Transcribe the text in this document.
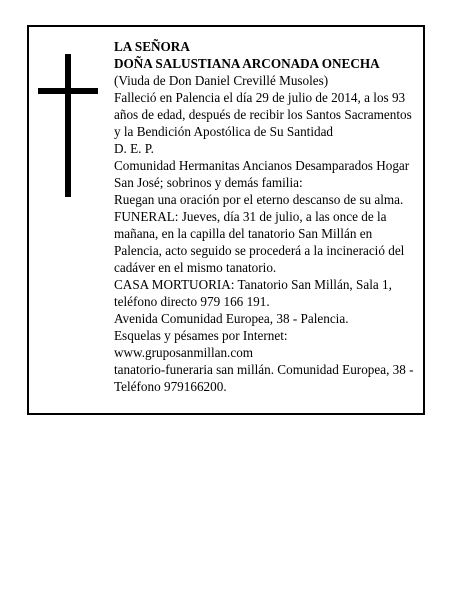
LA SEÑORA

DOÑA SALUSTIANA ARCONADA ONECHA

(Viuda de Don Daniel Crevillé Musoles)

Falleció en Palencia el día 29 de julio de 2014, a los 93 años de edad, después de recibir los Santos Sacramentos y la Bendición Apostólica de Su Santidad

D. E. P.

Comunidad Hermanitas Ancianos Desamparados Hogar San José; sobrinos y demás familia:

Ruegan una oración por el eterno descanso de su alma.

FUNERAL: Jueves, día 31 de julio, a las once de la mañana, en la capilla del tanatorio San Millán en Palencia, acto seguido se procederá a la incineració del cadáver en el mismo tanatorio.

CASA MORTUORIA: Tanatorio San Millán, Sala 1, teléfono directo 979 166 191.

Avenida Comunidad Europea, 38 - Palencia.

Esquelas y pésames por Internet:

www.gruposanmillan.com

tanatorio-funeraria san millán. Comunidad Europea, 38 - Teléfono 979166200.
